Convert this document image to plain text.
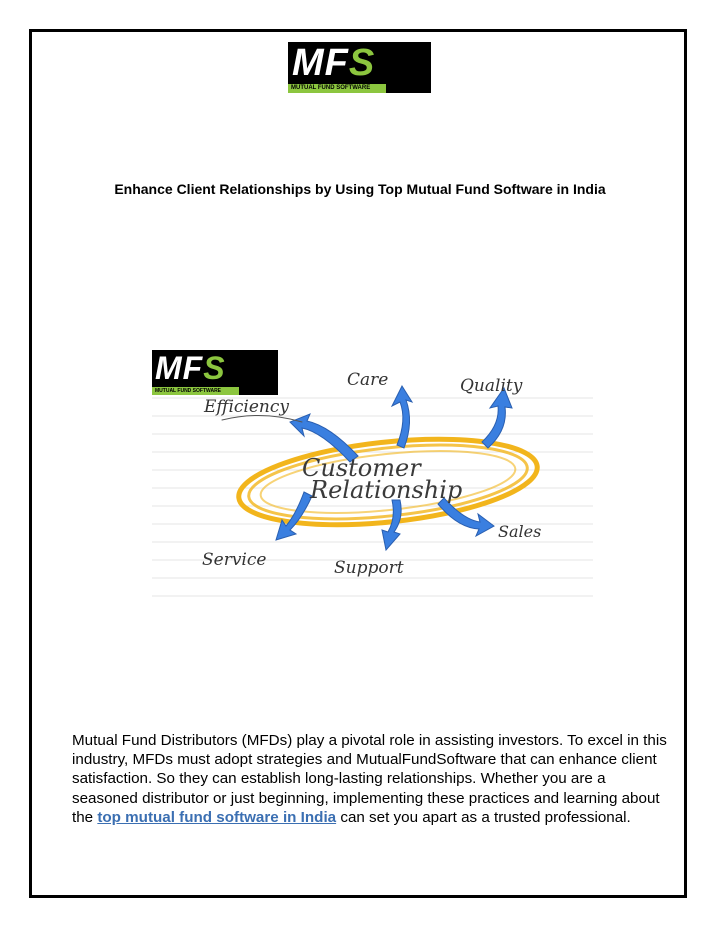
MFS
MUTUAL FUND SOFTWARE
Enhance Client Relationships by Using Top Mutual Fund Software in India
MFS
MUTUAL FUND SOFTWARE
Care	Quality
Efficiency
Customer
Relationship
Sales
Service	Support
Mutual Fund Distributors (MFDs) play a pivotal role in assisting investors. To excel in this industry, MFDs must adopt strategies and MutualFundSoftware that can enhance client satisfaction. So they can establish long-lasting relationships. Whether you are a seasoned distributor or just beginning, implementing these practices and learning about the top mutual fund software in India can set you apart as a trusted professional.
